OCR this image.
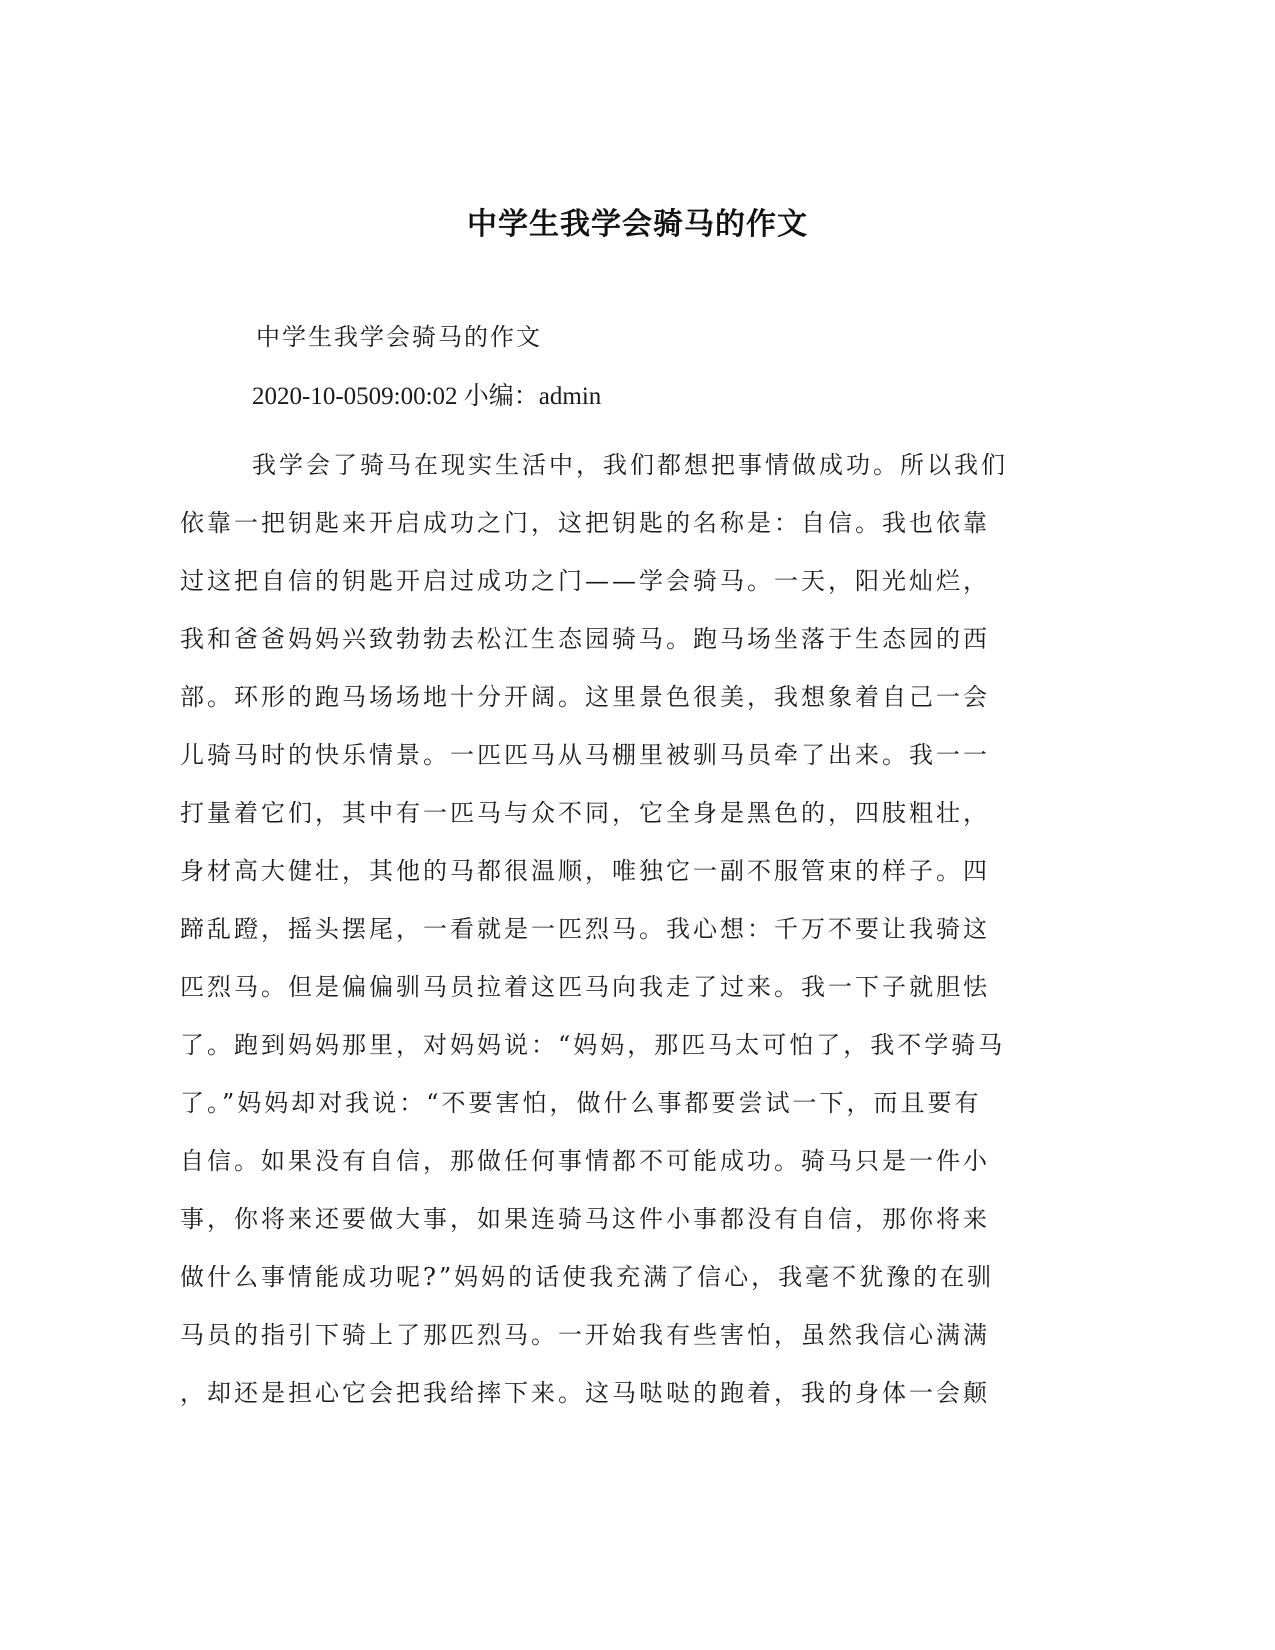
中学生我学会骑马的作文

中学生我学会骑马的作文

2020-10-0509:00:02 小编：admin

我学会了骑马在现实生活中，我们都想把事情做成功。所以我们
依靠一把钥匙来开启成功之门，这把钥匙的名称是：自信。我也依靠
过这把自信的钥匙开启过成功之门——学会骑马。一天，阳光灿烂，
我和爸爸妈妈兴致勃勃去松江生态园骑马。跑马场坐落于生态园的西
部。环形的跑马场场地十分开阔。这里景色很美，我想象着自己一会
儿骑马时的快乐情景。一匹匹马从马棚里被驯马员牵了出来。我一一
打量着它们，其中有一匹马与众不同，它全身是黑色的，四肢粗壮，
身材高大健壮，其他的马都很温顺，唯独它一副不服管束的样子。四
蹄乱蹬，摇头摆尾，一看就是一匹烈马。我心想：千万不要让我骑这
匹烈马。但是偏偏驯马员拉着这匹马向我走了过来。我一下子就胆怯
了。跑到妈妈那里，对妈妈说：“妈妈，那匹马太可怕了，我不学骑马
了。”妈妈却对我说：“不要害怕，做什么事都要尝试一下，而且要有
自信。如果没有自信，那做任何事情都不可能成功。骑马只是一件小
事，你将来还要做大事，如果连骑马这件小事都没有自信，那你将来
做什么事情能成功呢?”妈妈的话使我充满了信心，我毫不犹豫的在驯
马员的指引下骑上了那匹烈马。一开始我有些害怕，虽然我信心满满
，却还是担心它会把我给摔下来。这马哒哒的跑着，我的身体一会颠
